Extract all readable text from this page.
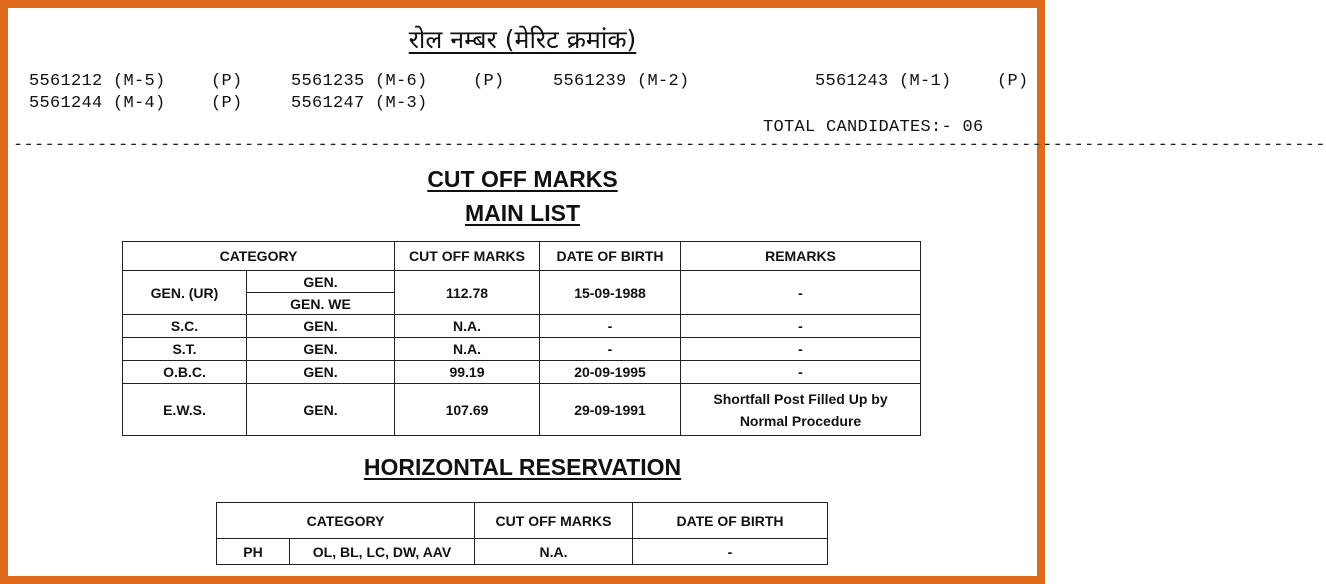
रोल नम्बर (मेरिट क्रमांक)
5561212 (M-5)	(P)	5561235 (M-6)	(P)	5561239 (M-2)	5561243 (M-1)	(P)
5561244 (M-4)	(P)	5561247 (M-3)
TOTAL CANDIDATES:- 06
-----------------------------------------------------------------------------------------------------------------------------
CUT OFF MARKS
MAIN LIST
CATEGORY		CUT OFF MARKS	DATE OF BIRTH	REMARKS
GEN. (UR)	GEN.	112.78	15-09-1988	-
	GEN. WE			
S.C.	GEN.	N.A.	-	-
S.T.	GEN.	N.A.	-	-
O.B.C.	GEN.	99.19	20-09-1995	-
E.W.S.	GEN.	107.69	29-09-1991	Shortfall Post Filled Up by
Normal Procedure
HORIZONTAL RESERVATION
CATEGORY		CUT OFF MARKS	DATE OF BIRTH
PH	OL, BL, LC, DW, AAV	N.A.	-
